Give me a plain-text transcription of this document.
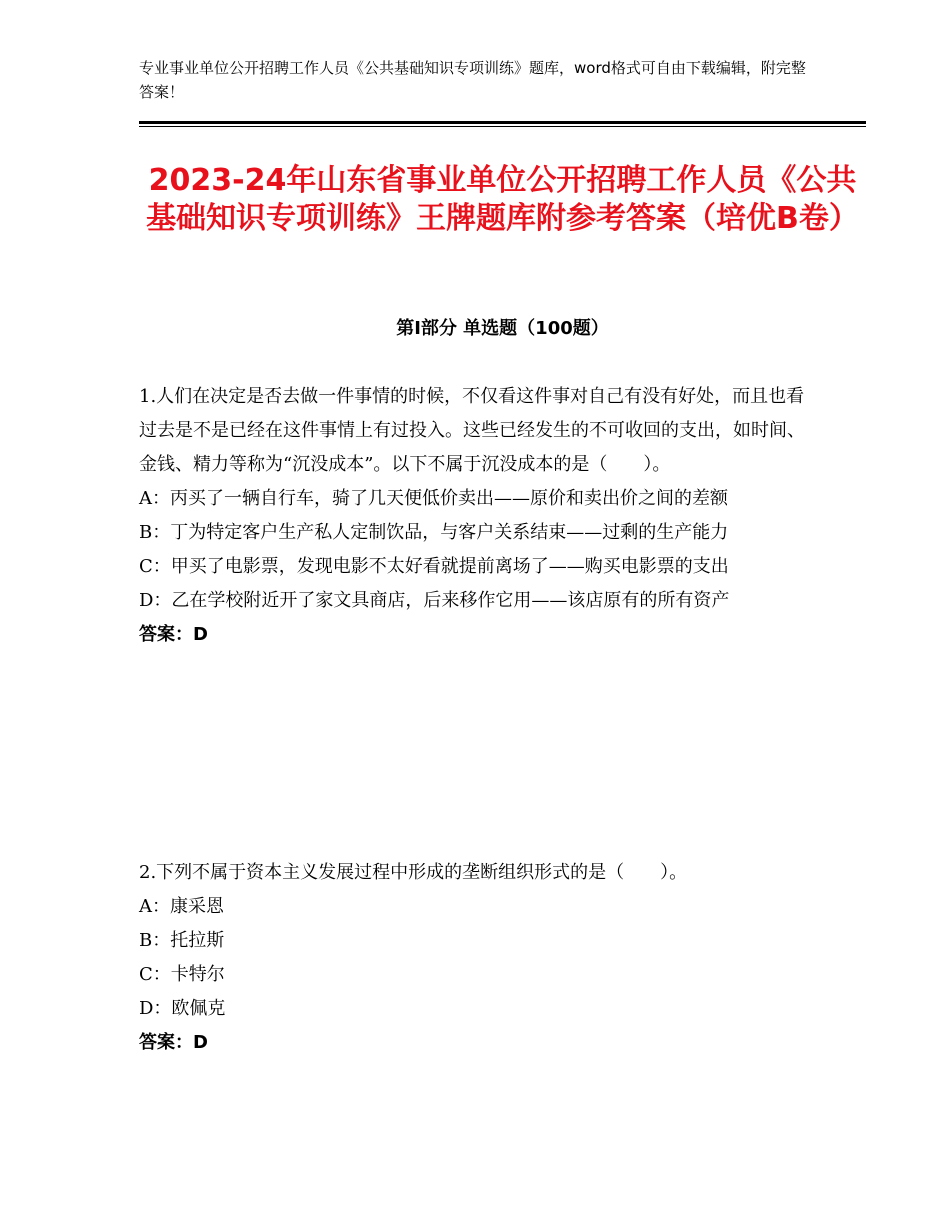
专业事业单位公开招聘工作人员《公共基础知识专项训练》题库，word格式可自由下载编辑，附完整答案！
2023-24年山东省事业单位公开招聘工作人员《公共基础知识专项训练》王牌题库附参考答案（培优B卷）
第Ⅰ部分 单选题（100题）

1.人们在决定是否去做一件事情的时候，不仅看这件事对自己有没有好处，而且也看过去是不是已经在这件事情上有过投入。这些已经发生的不可收回的支出，如时间、金钱、精力等称为“沉没成本”。以下不属于沉没成本的是（　　）。

A：丙买了一辆自行车，骑了几天便低价卖出——原价和卖出价之间的差额

B：丁为特定客户生产私人定制饮品，与客户关系结束——过剩的生产能力

C：甲买了电影票，发现电影不太好看就提前离场了——购买电影票的支出

D：乙在学校附近开了家文具商店，后来移作它用——该店原有的所有资产

答案：D

2.下列不属于资本主义发展过程中形成的垄断组织形式的是（　　）。

A：康采恩

B：托拉斯

C：卡特尔

D：欧佩克

答案：D
